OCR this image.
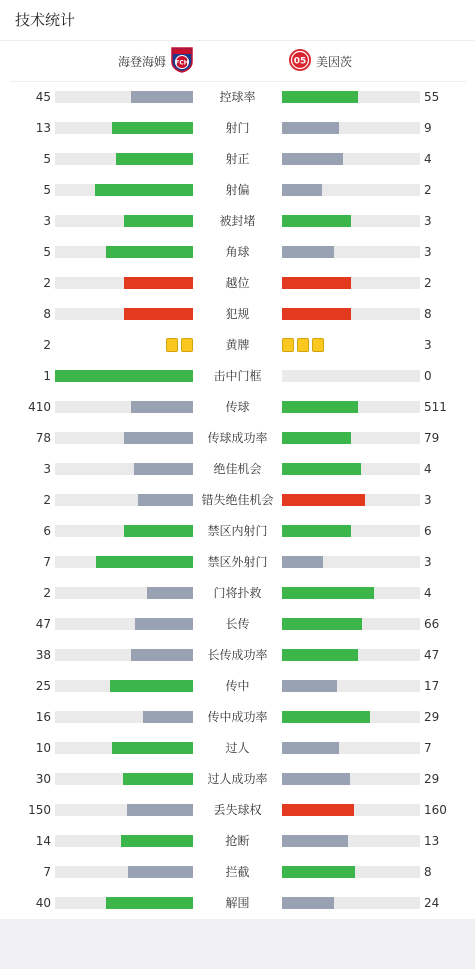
技术统计
海登海姆 FCH	05 美因茨
45	控球率	55
13	射门	9
5	射正	4
5	射偏	2
3	被封堵	3
5	角球	3
2	越位	2
8	犯规	8
2	黄牌	3
1	击中门框	0
410	传球	511
78	传球成功率	79
3	绝佳机会	4
2	错失绝佳机会	3
6	禁区内射门	6
7	禁区外射门	3
2	门将扑救	4
47	长传	66
38	长传成功率	47
25	传中	17
16	传中成功率	29
10	过人	7
30	过人成功率	29
150	丢失球权	160
14	抢断	13
7	拦截	8
40	解围	24
